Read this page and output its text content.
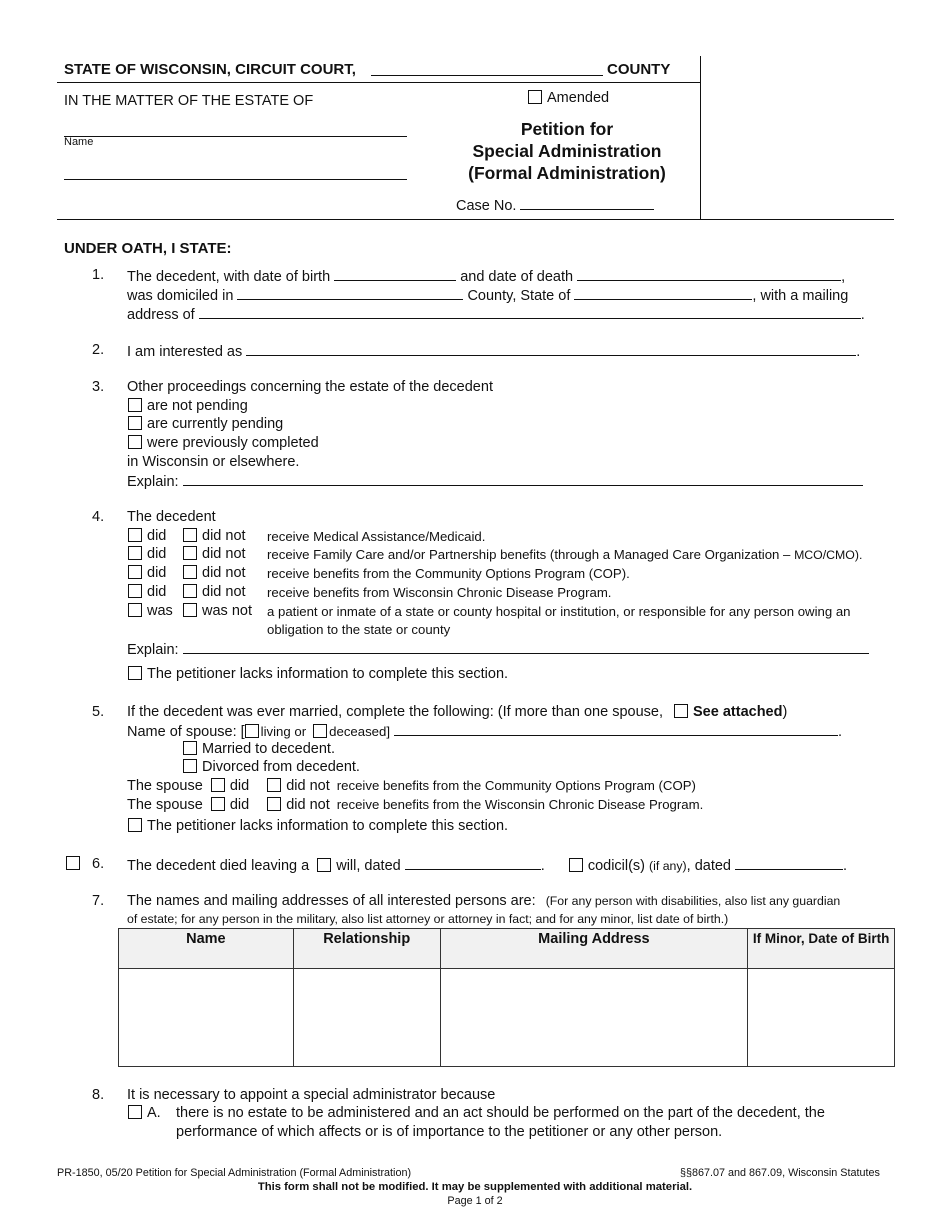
STATE OF WISCONSIN, CIRCUIT COURT,	COUNTY
IN THE MATTER OF THE ESTATE OF
Name
Amended
Petition for
Special Administration
(Formal Administration)
Case No.
UNDER OATH, I STATE:
1. The decedent, with date of birth	and date of death	,
was domiciled in	County, State of	, with a mailing
address of	.
2. I am interested as	.
3. Other proceedings concerning the estate of the decedent
are not pending
are currently pending
were previously completed
in Wisconsin or elsewhere.
Explain:
4. The decedent
did	did not receive Medical Assistance/Medicaid.
did	did not receive Family Care and/or Partnership benefits (through a Managed Care Organization – MCO/CMO).
did	did not receive benefits from the Community Options Program (COP).
did	did not receive benefits from Wisconsin Chronic Disease Program.
was	was not a patient or inmate of a state or county hospital or institution, or responsible for any person owing an
obligation to the state or county
Explain:
The petitioner lacks information to complete this section.
5. If the decedent was ever married, complete the following: (If more than one spouse, See attached)
Name of spouse: [ living or deceased]	.
Married to decedent.
Divorced from decedent.
The spouse did	did not receive benefits from the Community Options Program (COP)
The spouse did	did not receive benefits from the Wisconsin Chronic Disease Program.
The petitioner lacks information to complete this section.
6. The decedent died leaving a will, dated	.	codicil(s) (if any), dated	.
7. The names and mailing addresses of all interested persons are: (For any person with disabilities, also list any guardian
of estate; for any person in the military, also list attorney or attorney in fact; and for any minor, list date of birth.)
Name	Relationship	Mailing Address	If Minor, Date of Birth

8. It is necessary to appoint a special administrator because
A. there is no estate to be administered and an act should be performed on the part of the decedent, the
performance of which affects or is of importance to the petitioner or any other person.
PR-1850, 05/20 Petition for Special Administration (Formal Administration)	§§867.07 and 867.09, Wisconsin Statutes
This form shall not be modified. It may be supplemented with additional material.
Page 1 of 2
